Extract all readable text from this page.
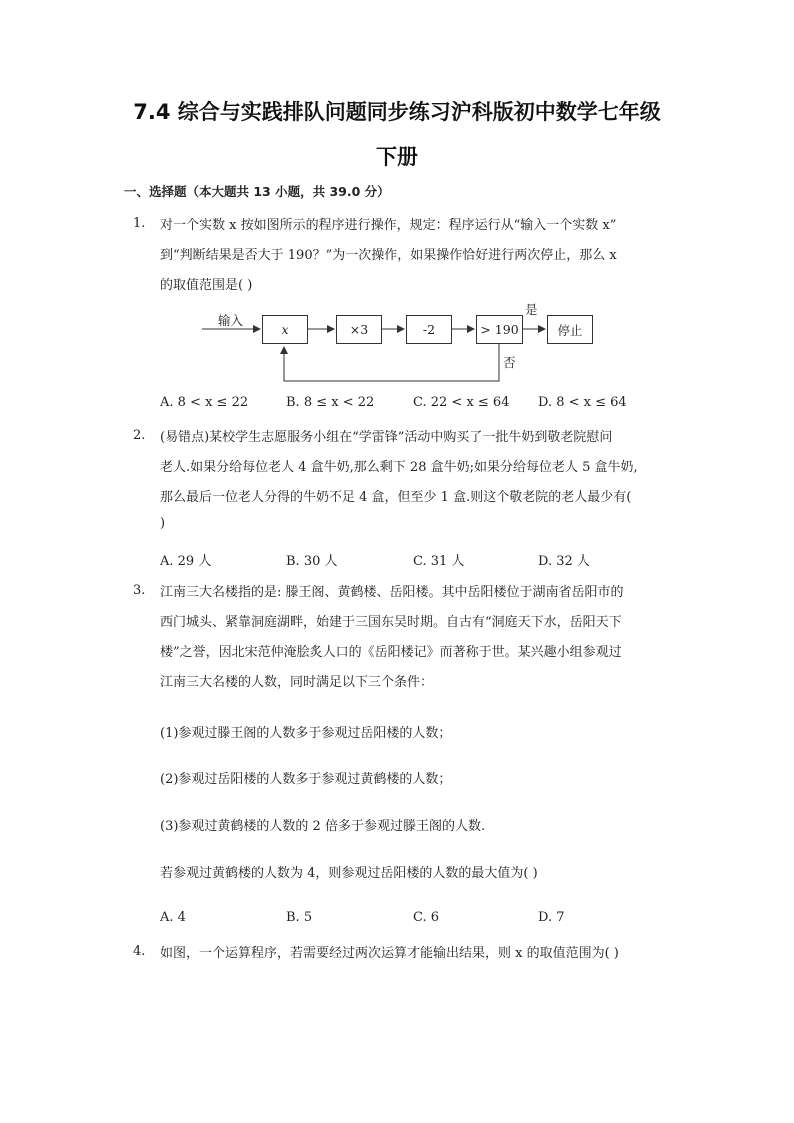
7.4 综合与实践排队问题同步练习沪科版初中数学七年级
下册
一、选择题（本大题共 13 小题，共 39.0 分）
1. 对一个实数 x 按如图所示的程序进行操作，规定：程序运行从“输入一个实数 x”
到“判断结果是否大于 190？”为一次操作，如果操作恰好进行两次停止，那么 x
的取值范围是( )
输入
x	×3	-2	> 190	停止
是
否
A. 8 < x ≤ 22	B. 8 ≤ x < 22	C. 22 < x ≤ 64 D. 8 < x ≤ 64
2. (易错点)某校学生志愿服务小组在“学雷锋”活动中购买了一批牛奶到敬老院慰问
老人.如果分给每位老人 4 盒牛奶,那么剩下 28 盒牛奶;如果分给每位老人 5 盒牛奶,
那么最后一位老人分得的牛奶不足 4 盒，但至少 1 盒.则这个敬老院的老人最少有(
)
A. 29 人	B. 30 人	C. 31 人	D. 32 人
3. 江南三大名楼指的是: 滕王阁、黄鹤楼、岳阳楼。其中岳阳楼位于湖南省岳阳市的
西门城头、紧靠洞庭湖畔，始建于三国东吴时期。自古有“洞庭天下水，岳阳天下
楼”之誉，因北宋范仲淹脍炙人口的《岳阳楼记》而著称于世。某兴趣小组参观过
江南三大名楼的人数，同时满足以下三个条件：
(1)参观过滕王阁的人数多于参观过岳阳楼的人数；
(2)参观过岳阳楼的人数多于参观过黄鹤楼的人数；
(3)参观过黄鹤楼的人数的 2 倍多于参观过滕王阁的人数.
若参观过黄鹤楼的人数为 4，则参观过岳阳楼的人数的最大值为( )
A. 4	B. 5	C. 6	D. 7
4. 如图，一个运算程序，若需要经过两次运算才能输出结果，则 x 的取值范围为( )
